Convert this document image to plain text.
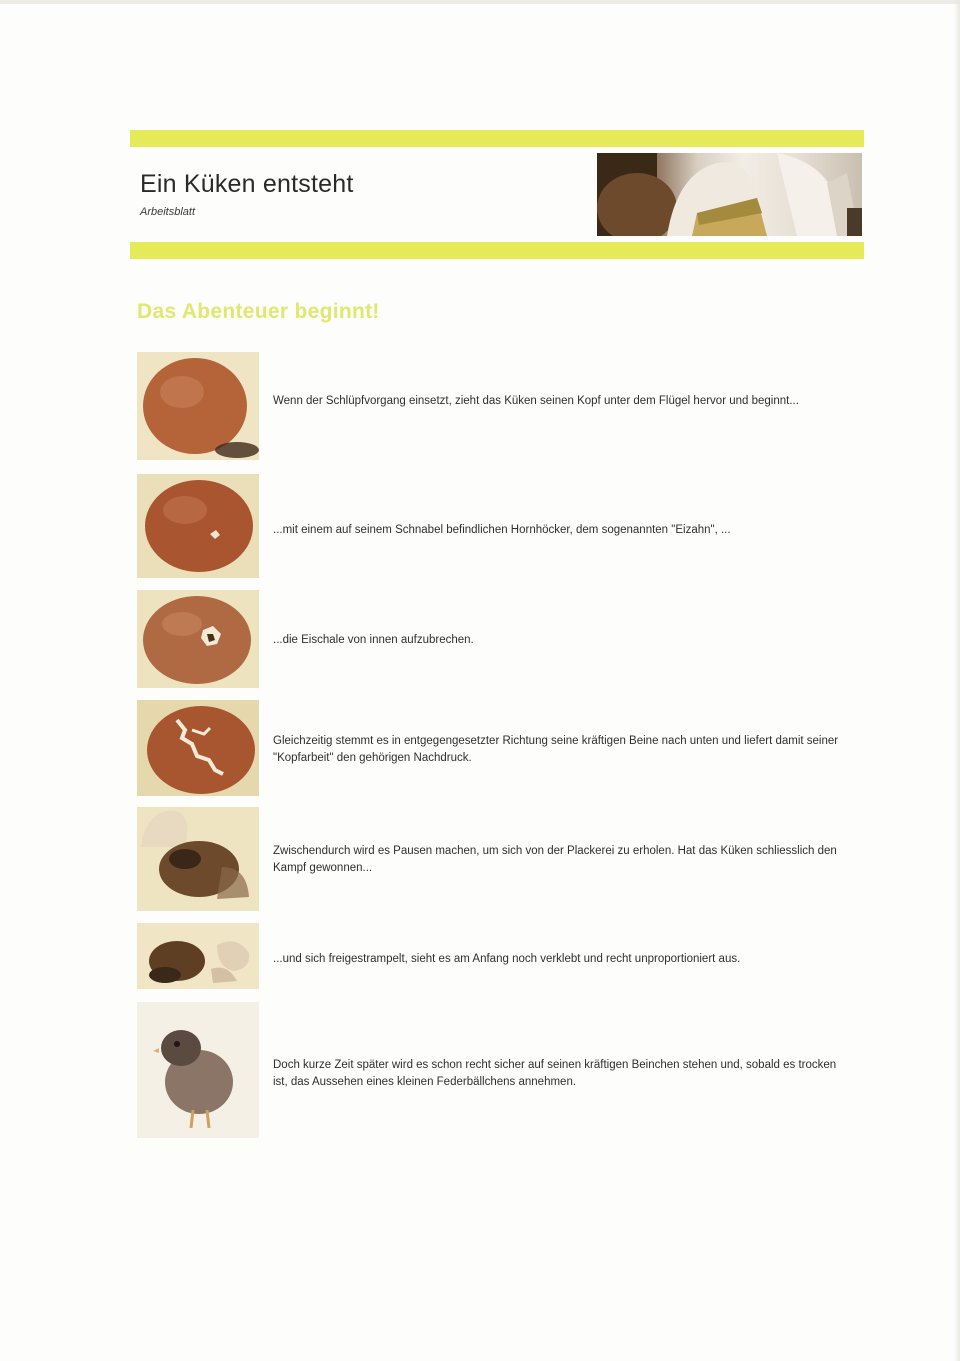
Ein Küken entsteht
Arbeitsblatt
Das Abenteuer beginnt!
Wenn der Schlüpfvorgang einsetzt, zieht das Küken seinen Kopf unter dem Flügel hervor und beginnt...
...mit einem auf seinem Schnabel befindlichen Hornhöcker, dem sogenannten "Eizahn", ...
...die Eischale von innen aufzubrechen.
Gleichzeitig stemmt es in entgegengesetzter Richtung seine kräftigen Beine nach unten und liefert damit seiner "Kopfarbeit" den gehörigen Nachdruck.
Zwischendurch wird es Pausen machen, um sich von der Plackerei zu erholen. Hat das Küken schliesslich den Kampf gewonnen...
...und sich freigestrampelt, sieht es am Anfang noch verklebt und recht unproportioniert aus.
Doch kurze Zeit später wird es schon recht sicher auf seinen kräftigen Beinchen stehen und, sobald es trocken ist, das Aussehen eines kleinen Federbällchens annehmen.
